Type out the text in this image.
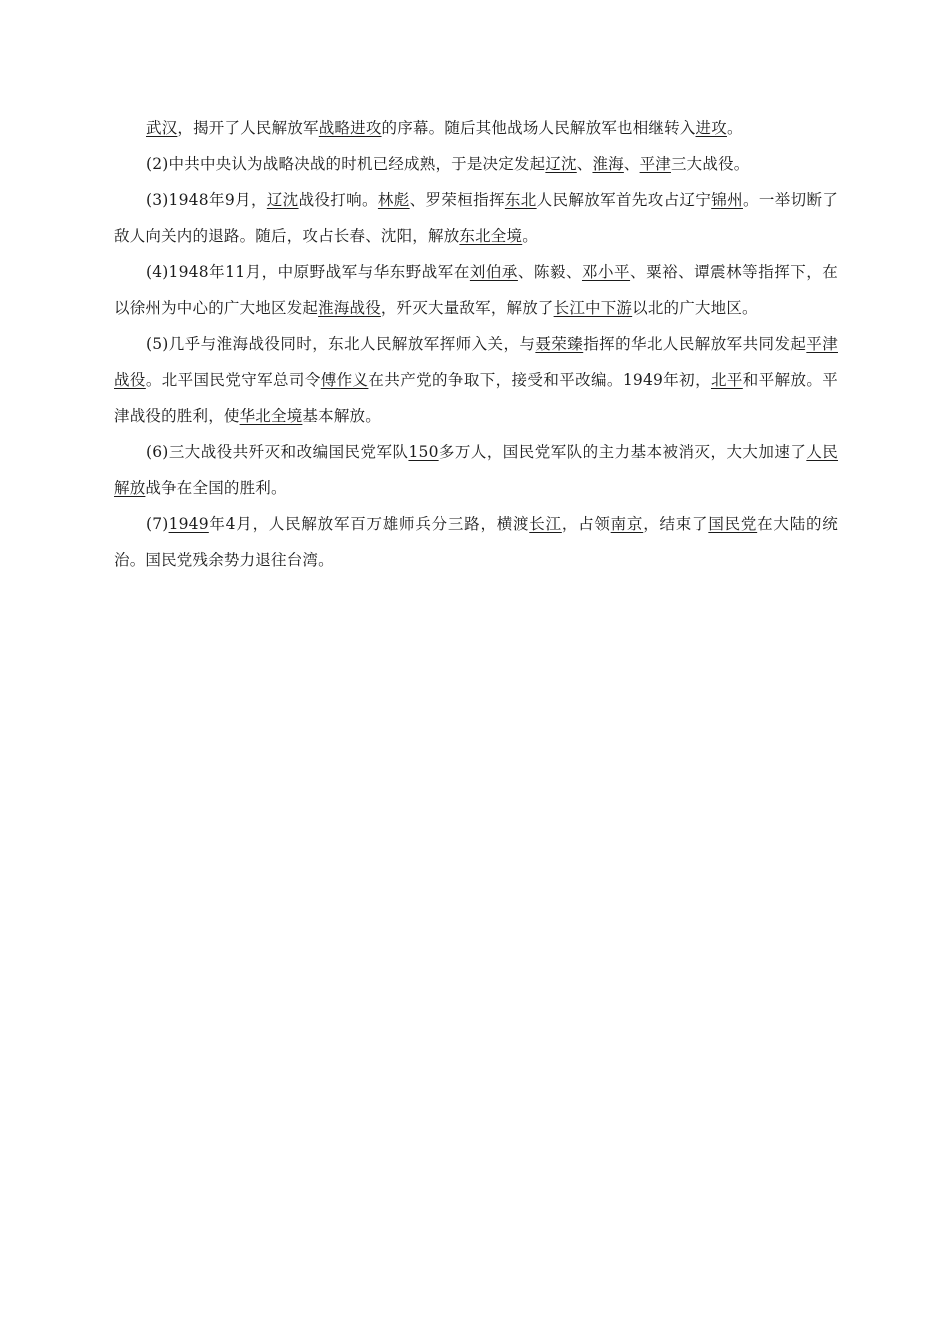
武汉，揭开了人民解放军战略进攻的序幕。随后其他战场人民解放军也相继转入进攻。

(2)中共中央认为战略决战的时机已经成熟，于是决定发起辽沈、淮海、平津三大战役。

(3)1948年9月，辽沈战役打响。林彪、罗荣桓指挥东北人民解放军首先攻占辽宁锦州。一举切断了敌人向关内的退路。随后，攻占长春、沈阳，解放东北全境。

(4)1948年11月，中原野战军与华东野战军在刘伯承、陈毅、邓小平、粟裕、谭震林等指挥下，在以徐州为中心的广大地区发起淮海战役，歼灭大量敌军，解放了长江中下游以北的广大地区。

(5)几乎与淮海战役同时，东北人民解放军挥师入关，与聂荣臻指挥的华北人民解放军共同发起平津战役。北平国民党守军总司令傅作义在共产党的争取下，接受和平改编。1949年初，北平和平解放。平津战役的胜利，使华北全境基本解放。

(6)三大战役共歼灭和改编国民党军队150多万人，国民党军队的主力基本被消灭，大大加速了人民解放战争在全国的胜利。

(7)1949年4月，人民解放军百万雄师兵分三路，横渡长江，占领南京，结束了国民党在大陆的统治。国民党残余势力退往台湾。
